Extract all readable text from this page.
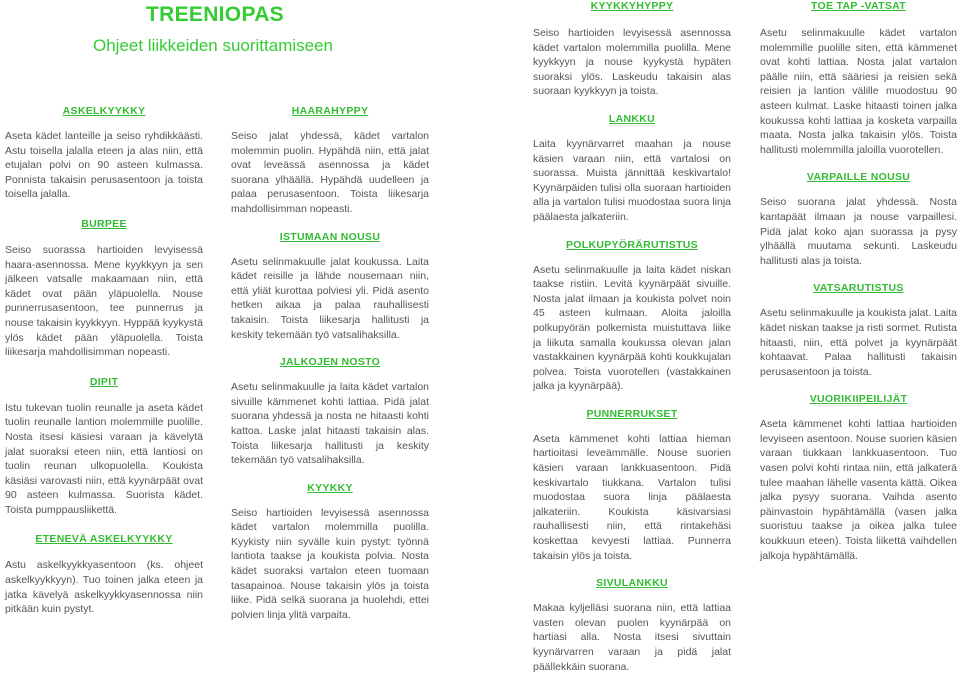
TREENIOPAS
Ohjeet liikkeiden suorittamiseen
ASKELKYYKKY

Aseta kädet lanteille ja seiso ryhdikkäästi. Astu toisella jalalla eteen ja alas niin, että etujalan polvi on 90 asteen kulmassa. Ponnista takaisin perusasentoon ja toista toisella jalalla.

BURPEE

Seiso suorassa hartioiden levyisessä haara-asennossa. Mene kyykkyyn ja sen jälkeen vatsalle makaamaan niin, että kädet ovat pään yläpuolella. Nouse punnerrusasentoon, tee punnerrus ja nouse takaisin kyykkyyn. Hyppää kyykystä ylös kädet pään yläpuolella. Toista liikesarja mahdollisimman nopeasti.

DIPIT

Istu tukevan tuolin reunalle ja aseta kädet tuolin reunalle lantion molemmille puolille. Nosta itsesi käsiesi varaan ja kävelytä jalat suoraksi eteen niin, että lantiosi on tuolin reunan ulkopuolella. Koukista käsiäsi varovasti niin, että kyynärpäät ovat 90 asteen kulmassa. Suorista kädet. Toista pumppausliikettä.

ETENEVÄ ASKELKYYKKY

Astu askelkyykkyasentoon (ks. ohjeet askelkyykkyyn). Tuo toinen jalka eteen ja jatka kävelyä askelkyykkyasennossa niin pitkään kuin pystyt.

HAARAHYPPY

Seiso jalat yhdessä, kädet vartalon molemmin puolin. Hypähdä niin, että jalat ovat leveässä asennossa ja kädet suorana ylhäällä. Hypähdä uudelleen ja palaa perusasentoon. Toista liikesarja mahdollisimman nopeasti.

ISTUMAAN NOUSU

Asetu selinmakuulle jalat koukussa. Laita kädet reisille ja lähde nousemaan niin, että yliät kurottaa polviesi yli. Pidä asento hetken aikaa ja palaa rauhallisesti takaisin. Toista liikesarja hallitusti ja keskity tekemään työ vatsalihaksilla.

JALKOJEN NOSTO

Asetu selinmakuulle ja laita kädet vartalon sivuille kämmenet kohti lattiaa. Pidä jalat suorana yhdessä ja nosta ne hitaasti kohti kattoa. Laske jalat hitaasti takaisin alas. Toista liikesarja hallitusti ja keskity tekemään työ vatsalihaksilla.

KYYKKY

Seiso hartioiden levyisessä asennossa kädet vartalon molemmilla puolilla. Kyykisty niin syvälle kuin pystyt: työnnä lantiota taakse ja koukista polvia. Nosta kädet suoraksi vartalon eteen tuomaan tasapainoa. Nouse takaisin ylös ja toista liike. Pidä selkä suorana ja huolehdi, ettei polvien linja ylitä varpaita.

KYYKKYHYPPY

Seiso hartioiden levyisessä asennossa kädet vartalon molemmilla puolilla. Mene kyykkyyn ja nouse kyykystä hypäten suoraksi ylös. Laskeudu takaisin alas suoraan kyykkyyn ja toista.

LANKKU

Laita kyynärvarret maahan ja nouse käsien varaan niin, että vartalosi on suorassa. Muista jännittää keskivartalo! Kyynärpäiden tulisi olla suoraan hartioiden alla ja vartalon tulisi muodostaa suora linja päälaesta jalkateriin.

POLKUPYÖRÄRUTISTUS

Asetu selinmakuulle ja laita kädet niskan taakse ristiin. Levitä kyynärpäät sivuille. Nosta jalat ilmaan ja koukista polvet noin 45 asteen kulmaan. Aloita jaloilla polkupyörän polkemista muistuttava liike ja liikuta samalla koukussa olevan jalan vastakkainen kyynärpää kohti koukkujalan polvea. Toista vuorotellen (vastakkainen jalka ja kyynärpää).

PUNNERRUKSET

Aseta kämmenet kohti lattiaa hieman hartioitasi leveämmälle. Nouse suorien käsien varaan lankkuasentoon. Pidä keskivartalo tiukkana. Vartalon tulisi muodostaa suora linja päälaesta jalkateriin. Koukista käsivarsiasi rauhallisesti niin, että rintakehäsi koskettaa kevyesti lattiaa. Punnerra takaisin ylös ja toista.

SIVULANKKU

Makaa kyljelläsi suorana niin, että lattiaa vasten olevan puolen kyynärpää on hartiasi alla. Nosta itsesi sivuttain kyynärvarren varaan ja pidä jalat päällekkäin suorana.

TOE TAP -VATSAT

Asetu selinmakuulle kädet vartalon molemmille puolille siten, että kämmenet ovat kohti lattiaa. Nosta jalat vartalon päälle niin, että sääriesi ja reisien sekä reisien ja lantion välille muodostuu 90 asteen kulmat. Laske hitaasti toinen jalka koukussa kohti lattiaa ja kosketa varpailla maata. Nosta jalka takaisin ylös. Toista hallitusti molemmilla jaloilla vuorotellen.

VARPAILLE NOUSU

Seiso suorana jalat yhdessä. Nosta kantapäät ilmaan ja nouse varpaillesi. Pidä jalat koko ajan suorassa ja pysy ylhäällä muutama sekunti. Laskeudu hallitusti alas ja toista.

VATSARUTISTUS

Asetu selinmakuulle ja koukista jalat. Laita kädet niskan taakse ja risti sormet. Rutista hitaasti, niin, että polvet ja kyynärpäät kohtaavat. Palaa hallitusti takaisin perusasentoon ja toista.

VUORIKIIPEILIJÄT

Aseta kämmenet kohti lattiaa hartioiden levyiseen asentoon. Nouse suorien käsien varaan tiukkaan lankkuasentoon. Tuo vasen polvi kohti rintaa niin, että jalkaterä tulee maahan lähelle vasenta kättä. Oikea jalka pysyy suorana. Vaihda asento päinvastoin hypähtämällä (vasen jalka suoristuu taakse ja oikea jalka tulee koukkuun eteen). Toista liikettä vaihdellen jalkoja hypähtämällä.
